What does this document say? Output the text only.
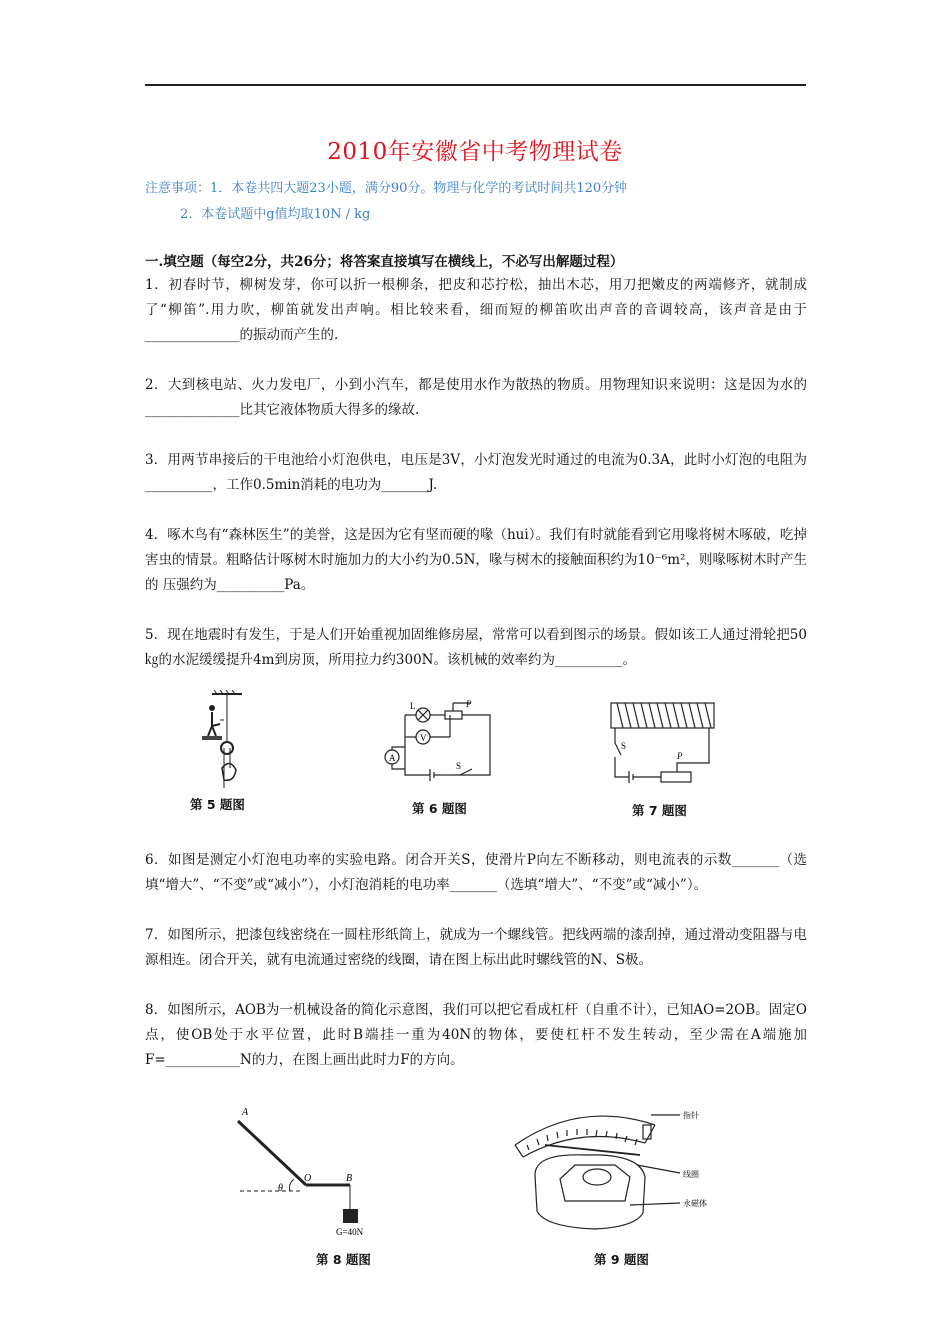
2010年安徽省中考物理试卷
注意事项：1．本卷共四大题23小题，满分90分。物理与化学的考试时间共120分钟
2．本卷试题中g值均取10N / kg
一.填空题（每空2分，共26分；将答案直接填写在横线上，不必写出解题过程）
1．初春时节，柳树发芽，你可以折一根柳条，把皮和芯拧松，抽出木芯，用刀把嫩皮的两端修齐，就制成了“柳笛”.用力吹，柳笛就发出声响。相比较来看，细而短的柳笛吹出声音的音调较高，该声音是由于______________的振动而产生的.
2．大到核电站、火力发电厂，小到小汽车，都是使用水作为散热的物质。用物理知识来说明：这是因为水的______________比其它液体物质大得多的缘故.
3．用两节串接后的干电池给小灯泡供电，电压是3V，小灯泡发光时通过的电流为0.3A，此时小灯泡的电阻为__________，工作0.5min消耗的电功为_______J.
4．啄木鸟有“森林医生”的美誉，这是因为它有坚而硬的喙（hui）。我们有时就能看到它用喙将树木啄破，吃掉害虫的情景。粗略估计啄树木时施加力的大小约为0.5N，喙与树木的接触面积约为10⁻⁶m²，则喙啄树木时产生的 压强约为__________Pa。
5．现在地震时有发生，于是人们开始重视加固维修房屋，常常可以看到图示的场景。假如该工人通过滑轮把50㎏的水泥缓缓提升4m到房顶，所用拉力约300N。该机械的效率约为__________。
第 5 题图
L
V
A
P
S
第 6 题图
S
P
第 7 题图
6．如图是测定小灯泡电功率的实验电路。闭合开关S，使滑片P向左不断移动，则电流表的示数_______（选填“增大”、“不变”或“减小”），小灯泡消耗的电功率_______（选填“增大”、“不变”或“减小”）。
7．如图所示，把漆包线密绕在一圆柱形纸筒上，就成为一个螺线管。把线两端的漆刮掉，通过滑动变阻器与电源相连。闭合开关，就有电流通过密绕的线圈，请在图上标出此时螺线管的N、S极。
8．如图所示，AOB为一机械设备的简化示意图，我们可以把它看成杠杆（自重不计），已知AO=2OB。固定O点，使OB处于水平位置，此时B端挂一重为40N的物体，要使杠杆不发生转动，至少需在A端施加F=___________N的力，在图上画出此时力F的方向。
A
O	B
θ
G=40N
第 8 题图
指针
线圈
永磁体
第 9 题图
